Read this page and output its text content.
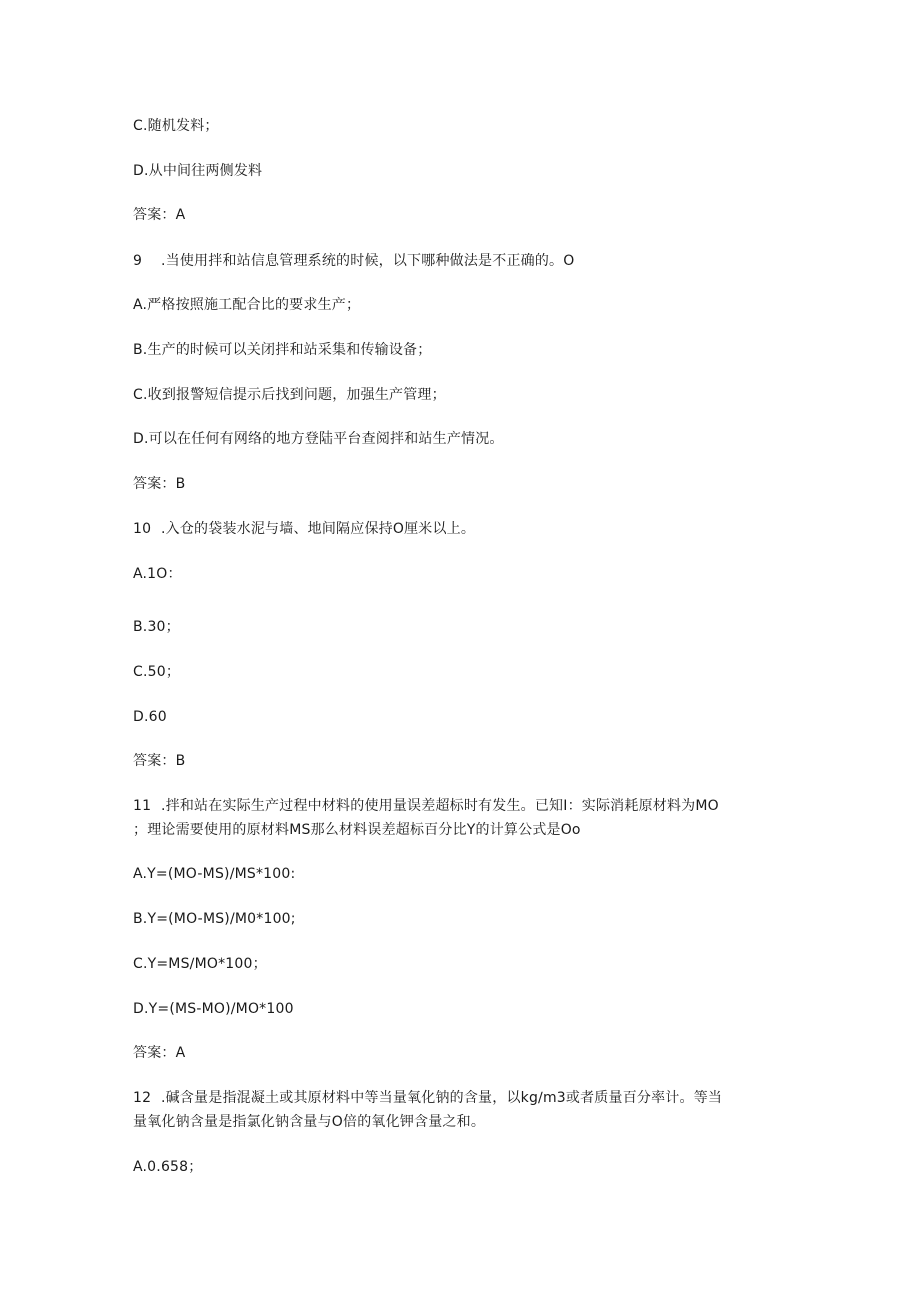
C.随机发料；
D.从中间往两侧发料
答案：A
9 .当使用拌和站信息管理系统的时候，以下哪种做法是不正确的。O
A.严格按照施工配合比的要求生产；
B.生产的时候可以关闭拌和站采集和传输设备；
C.收到报警短信提示后找到问题，加强生产管理；
D.可以在任何有网络的地方登陆平台查阅拌和站生产情况。
答案：B
10 .入仓的袋装水泥与墙、地间隔应保持O厘米以上。
A.1O：
B.30；
C.50；
D.60
答案：B
11 .拌和站在实际生产过程中材料的使用量误差超标时有发生。已知I：实际消耗原材料为MO
；理论需要使用的原材料MS那么材料误差超标百分比Y的计算公式是Oo
A.Y=(MO-MS)∕MS*100:
B.Y=(MO-MS)/M0*100;
C.Y=MS∕MO*100；
D.Y=(MS-MO)/MO*100
答案：A
12 .碱含量是指混凝土或其原材料中等当量氧化钠的含量，以kg∕m3或者质量百分率计。等当
量氧化钠含量是指氯化钠含量与O倍的氧化钾含量之和。
A.0.658；
